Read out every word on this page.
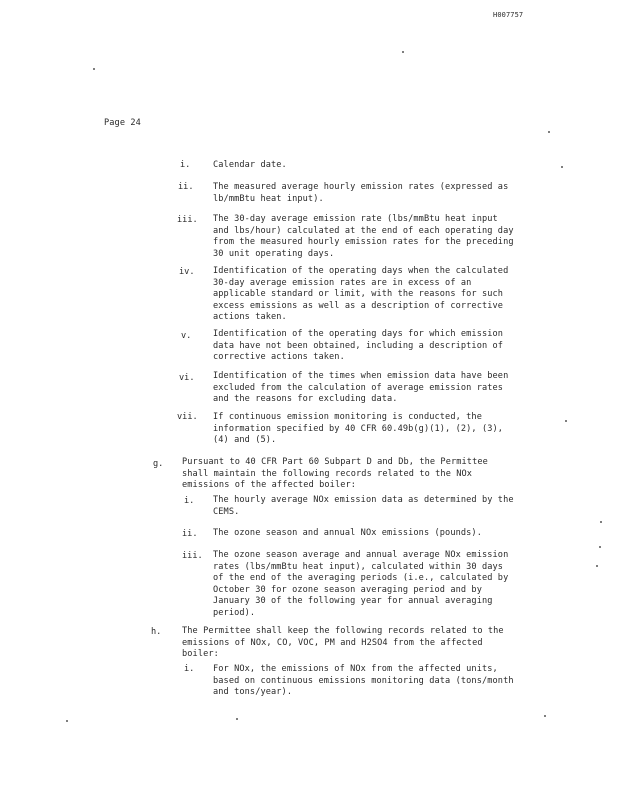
H007757
Page 24
i.	Calendar date.
ii. The measured average hourly emission rates (expressed as
lb/mmBtu heat input).
iii. The 30-day average emission rate (lbs/mmBtu heat input
and lbs/hour) calculated at the end of each operating day
from the measured hourly emission rates for the preceding
30 unit operating days.
iv. Identification of the operating days when the calculated
30-day average emission rates are in excess of an
applicable standard or limit, with the reasons for such
excess emissions as well as a description of corrective
actions taken.
v.	Identification of the operating days for which emission
data have not been obtained, including a description of
corrective actions taken.
vi. Identification of the times when emission data have been
excluded from the calculation of average emission rates
and the reasons for excluding data.
vii. If continuous emission monitoring is conducted, the
information specified by 40 CFR 60.49b(g)(1), (2), (3),
(4) and (5).
g. Pursuant to 40 CFR Part 60 Subpart D and Db, the Permittee
shall maintain the following records related to the NOx
emissions of the affected boiler:
i. The hourly average NOx emission data as determined by the
CEMS.
ii. The ozone season and annual NOx emissions (pounds).
iii. The ozone season average and annual average NOx emission
rates (lbs/mmBtu heat input), calculated within 30 days
of the end of the averaging periods (i.e., calculated by
October 30 for ozone season averaging period and by
January 30 of the following year for annual averaging
period).
h. The Permittee shall keep the following records related to the
emissions of NOx, CO, VOC, PM and H2SO4 from the affected
boiler:
i. For NOx, the emissions of NOx from the affected units,
based on continuous emissions monitoring data (tons/month
and tons/year).
